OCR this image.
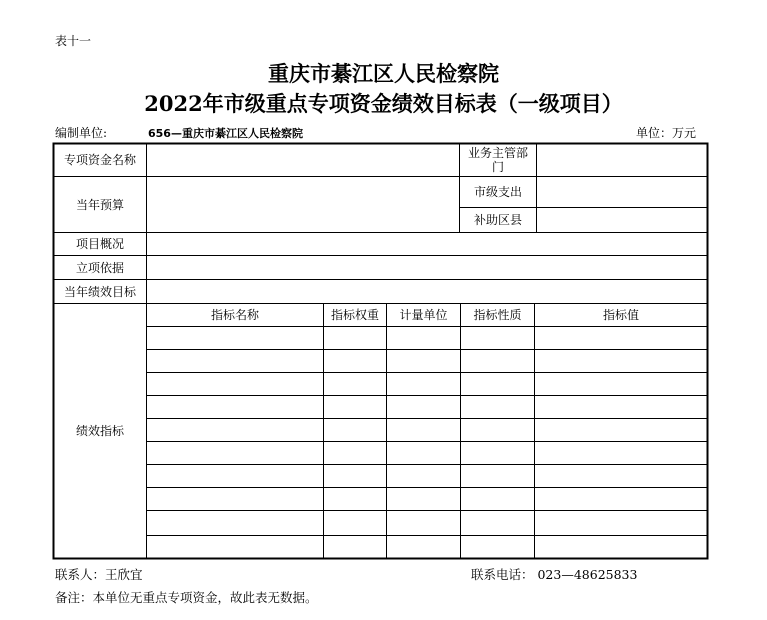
表十一
重庆市綦江区人民检察院
2022年市级重点专项资金绩效目标表（一级项目）
编制单位:	656—重庆市綦江区人民检察院	单位：万元
专项资金名称	业务主管部门
当年预算
市级支出
补助区县
项目概况
立项依据
当年绩效目标
绩效指标
指标名称	指标权重	计量单位	指标性质	指标值
联系人：王欣宜	联系电话： 023—48625833
备注：本单位无重点专项资金，故此表无数据。
